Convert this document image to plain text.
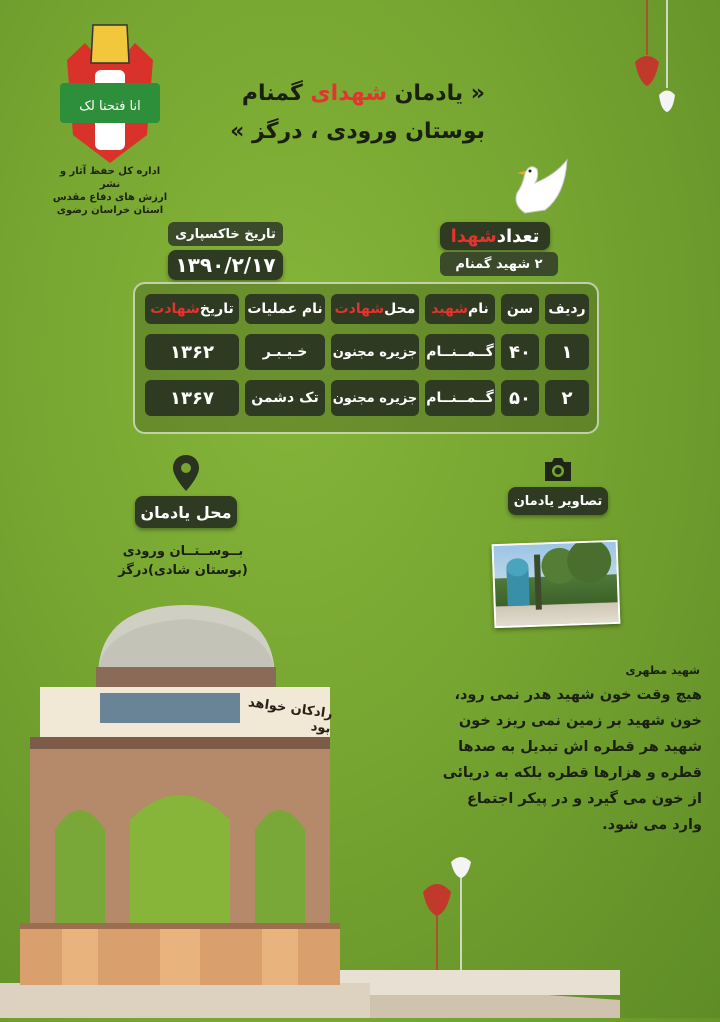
انا فتحنا لک
اداره کل حفظ آثار و نشر
ارزش های دفاع مقدس
استان خراسان رضوی
« یادمان شهدای گمنام
بوستان ورودی ، درگز »
تاریخ خاکسپاری
۱۳۹۰/۲/۱۷
تعداد
شهدا
۲ شهید گمنام
ردیف
سن
نام
شهید
محل
شهادت
نام عملیات
تاریخ
شهادت
۱
۴۰
گــمــنــام
جزیره مجنون
خـیـبـر
۱۳۶۲
۲
۵۰
گــمــنــام
جزیره مجنون
تک دشمن
۱۳۶۷
محل یادمان
بــوســتــان ورودی
(بوستان شادی)درگز
تصاویر یادمان
شهید مطهری
هیچ وقت خون شهید هدر نمی رود، خون شهید بر زمین نمی ریزد خون شهید هر قطره اش تبدیل به صدها قطره و هزارها قطره بلکه به دریائی از خون می گیرد و در پیکر اجتماع وارد می شود.
رادکان خواهد بود
